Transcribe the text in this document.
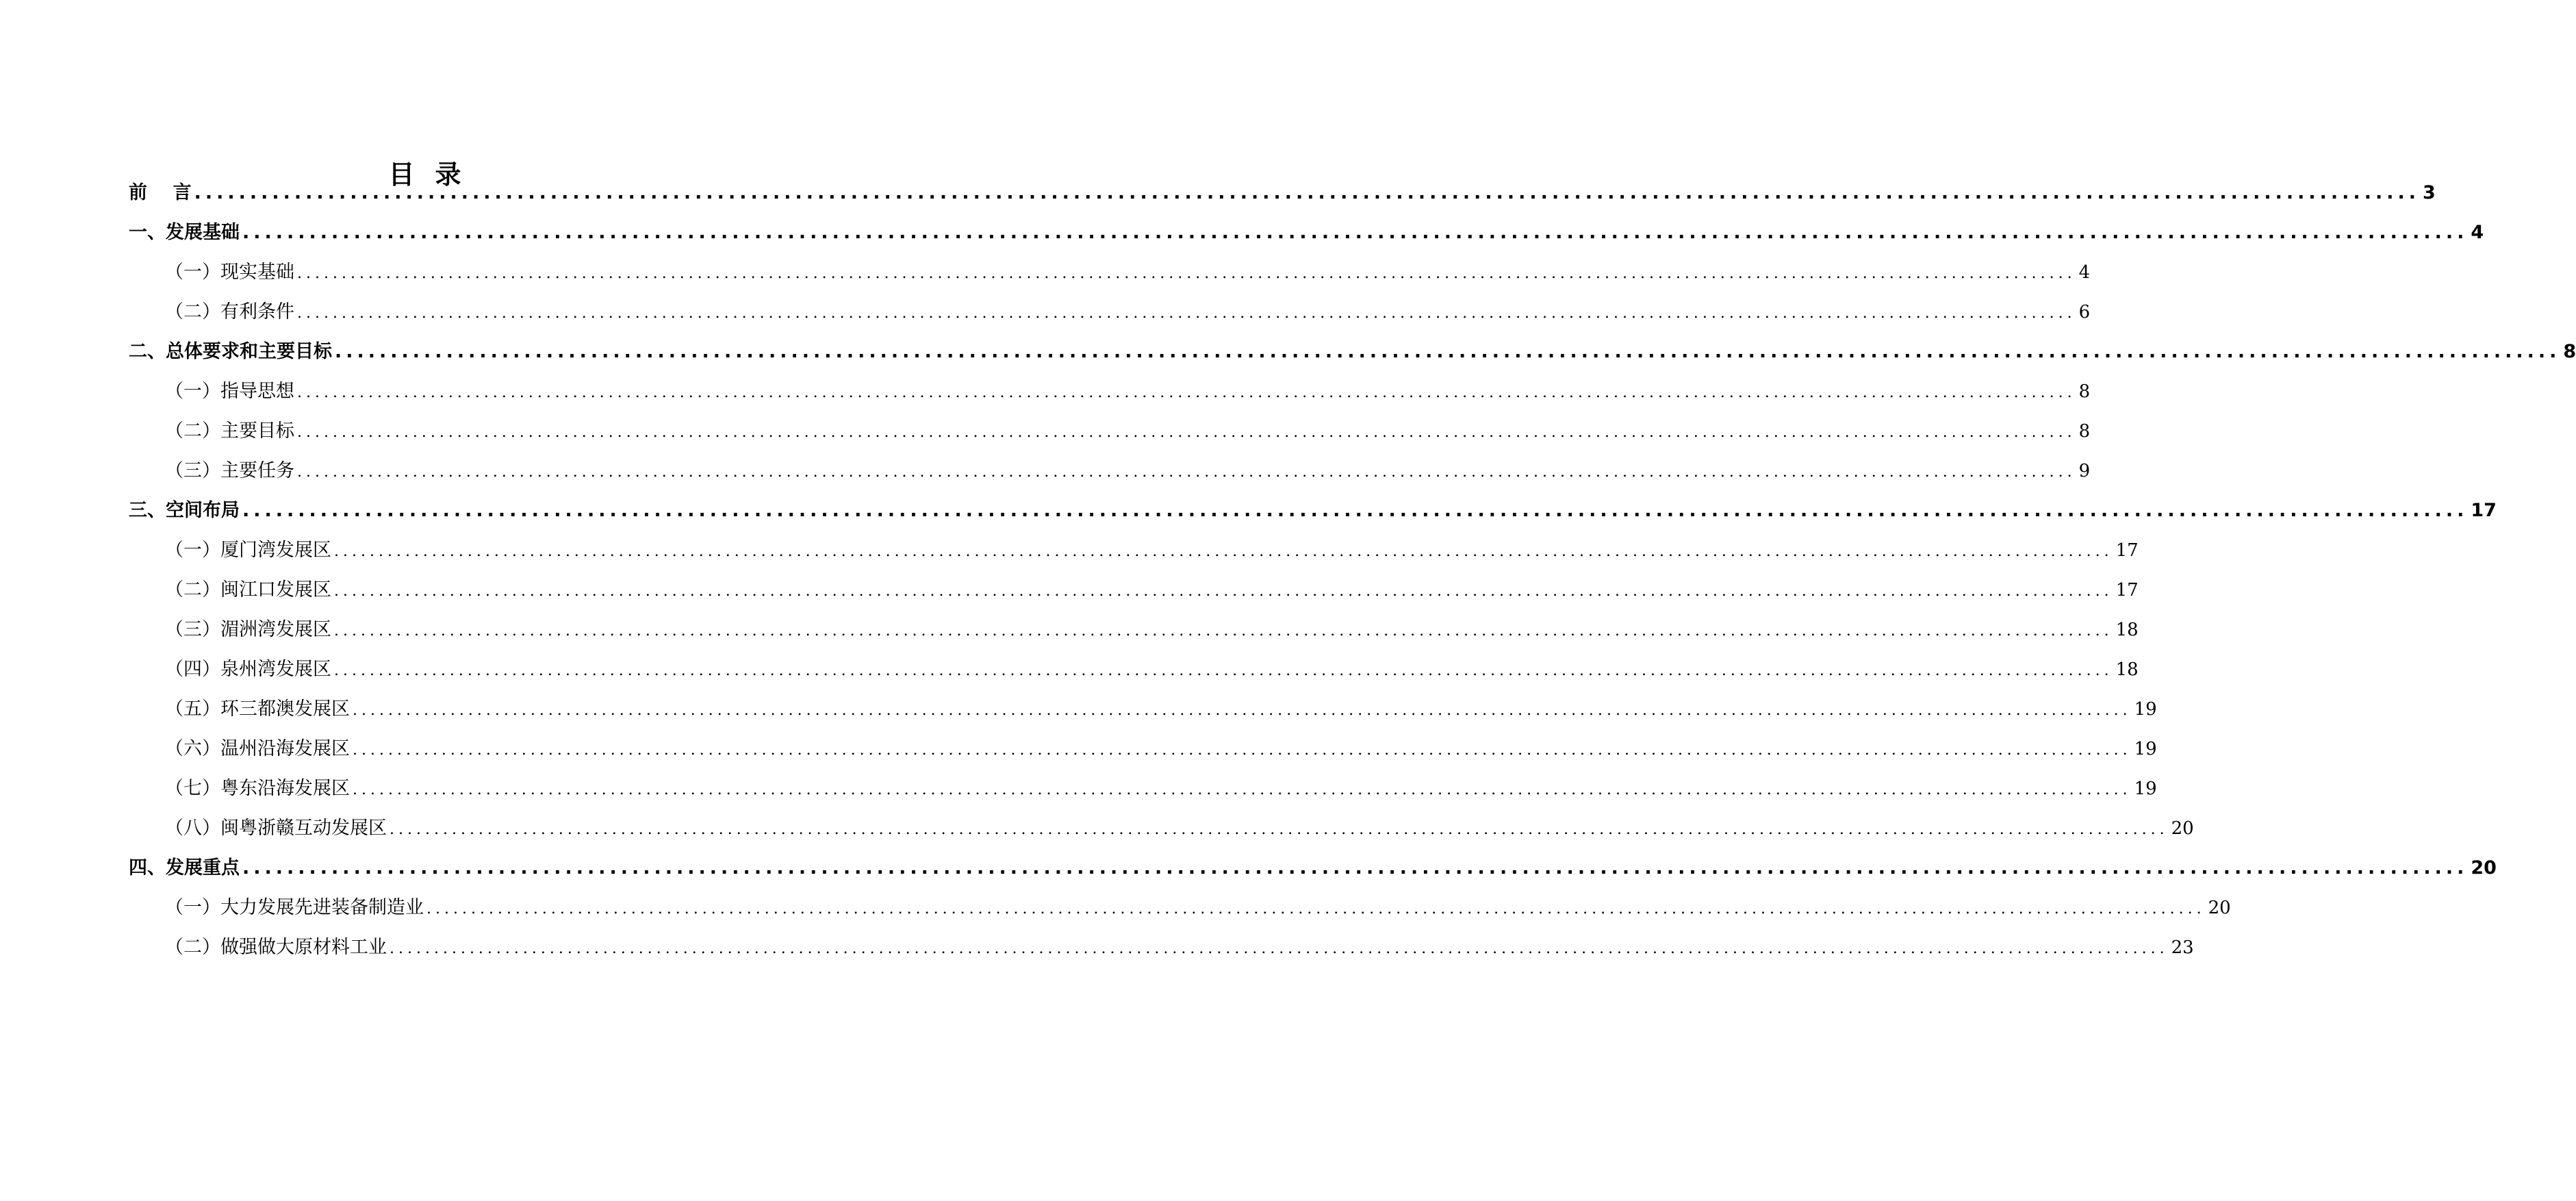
目录
前    言 ........................................................................................................................................................................................................ 3
一、发展基础 ........................................................................................................................................................................................................ 4
（一）现实基础 ........................................................................................................................................................................................................ 4
（二）有利条件 ........................................................................................................................................................................................................ 6
二、总体要求和主要目标 ........................................................................................................................................................................................................ 8
（一）指导思想 ........................................................................................................................................................................................................ 8
（二）主要目标 ........................................................................................................................................................................................................ 8
（三）主要任务 ........................................................................................................................................................................................................ 9
三、空间布局 ........................................................................................................................................................................................................ 17
（一）厦门湾发展区 ........................................................................................................................................................................................................ 17
（二）闽江口发展区 ........................................................................................................................................................................................................ 17
（三）湄洲湾发展区 ........................................................................................................................................................................................................ 18
（四）泉州湾发展区 ........................................................................................................................................................................................................ 18
（五）环三都澳发展区 ........................................................................................................................................................................................................ 19
（六）温州沿海发展区 ........................................................................................................................................................................................................ 19
（七）粤东沿海发展区 ........................................................................................................................................................................................................ 19
（八）闽粤浙赣互动发展区 ........................................................................................................................................................................................................ 20
四、发展重点 ........................................................................................................................................................................................................ 20
（一）大力发展先进装备制造业 ........................................................................................................................................................................................................ 20
（二）做强做大原材料工业 ........................................................................................................................................................................................................ 23
